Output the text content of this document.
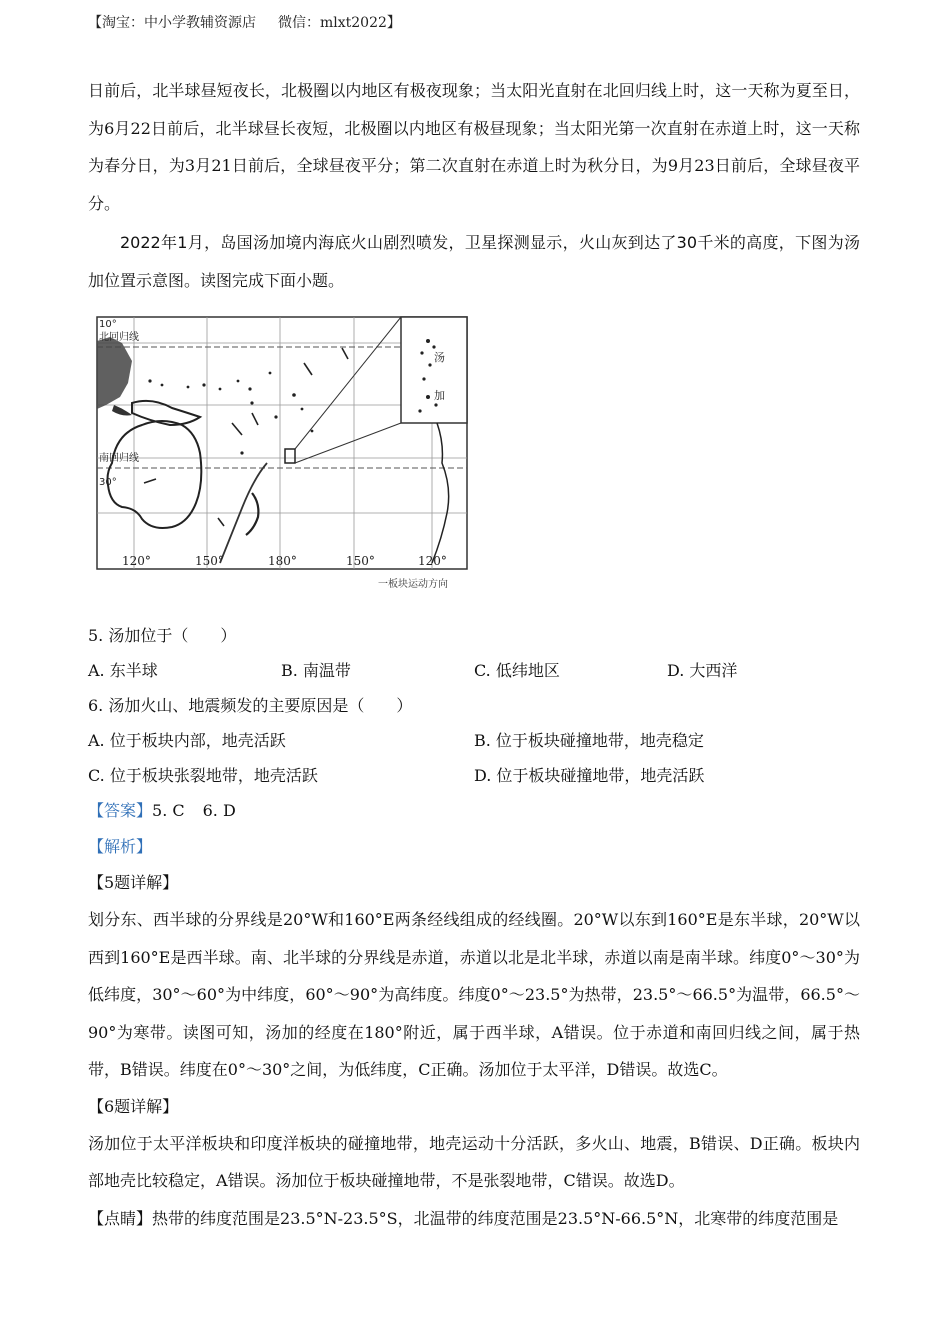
【淘宝：中小学教辅资源店 微信：mlxt2022】

日前后，北半球昼短夜长，北极圈以内地区有极夜现象；当太阳光直射在北回归线上时，这一天称为夏至日，为6月22日前后，北半球昼长夜短，北极圈以内地区有极昼现象；当太阳光第一次直射在赤道上时，这一天称为春分日，为3月21日前后，全球昼夜平分；第二次直射在赤道上时为秋分日，为9月23日前后，全球昼夜平分。

2022年1月，岛国汤加境内海底火山剧烈喷发，卫星探测显示，火山灰到达了30千米的高度，下图为汤加位置示意图。读图完成下面小题。

汤
加
10°
北回归线
南回归线
30°
120°	150°	180°	150°	120°
一板块运动方向

5. 汤加位于（　　）

A. 东半球	B. 南温带	C. 低纬地区	D. 大西洋

6. 汤加火山、地震频发的主要原因是（　　）

A. 位于板块内部，地壳活跃	B. 位于板块碰撞地带，地壳稳定
C. 位于板块张裂地带，地壳活跃	D. 位于板块碰撞地带，地壳活跃
【答案】5. C 6. D
【解析】

【5题详解】

划分东、西半球的分界线是20°W和160°E两条经线组成的经线圈。20°W以东到160°E是东半球，20°W以西到160°E是西半球。南、北半球的分界线是赤道，赤道以北是北半球，赤道以南是南半球。纬度0°～30°为低纬度，30°～60°为中纬度，60°～90°为高纬度。纬度0°～23.5°为热带，23.5°～66.5°为温带，66.5°～90°为寒带。读图可知，汤加的经度在180°附近，属于西半球，A错误。位于赤道和南回归线之间，属于热带，B错误。纬度在0°～30°之间，为低纬度，C正确。汤加位于太平洋，D错误。故选C。

【6题详解】

汤加位于太平洋板块和印度洋板块的碰撞地带，地壳运动十分活跃，多火山、地震，B错误、D正确。板块内部地壳比较稳定，A错误。汤加位于板块碰撞地带，不是张裂地带，C错误。故选D。

【点睛】热带的纬度范围是23.5°N-23.5°S，北温带的纬度范围是23.5°N-66.5°N，北寒带的纬度范围是
